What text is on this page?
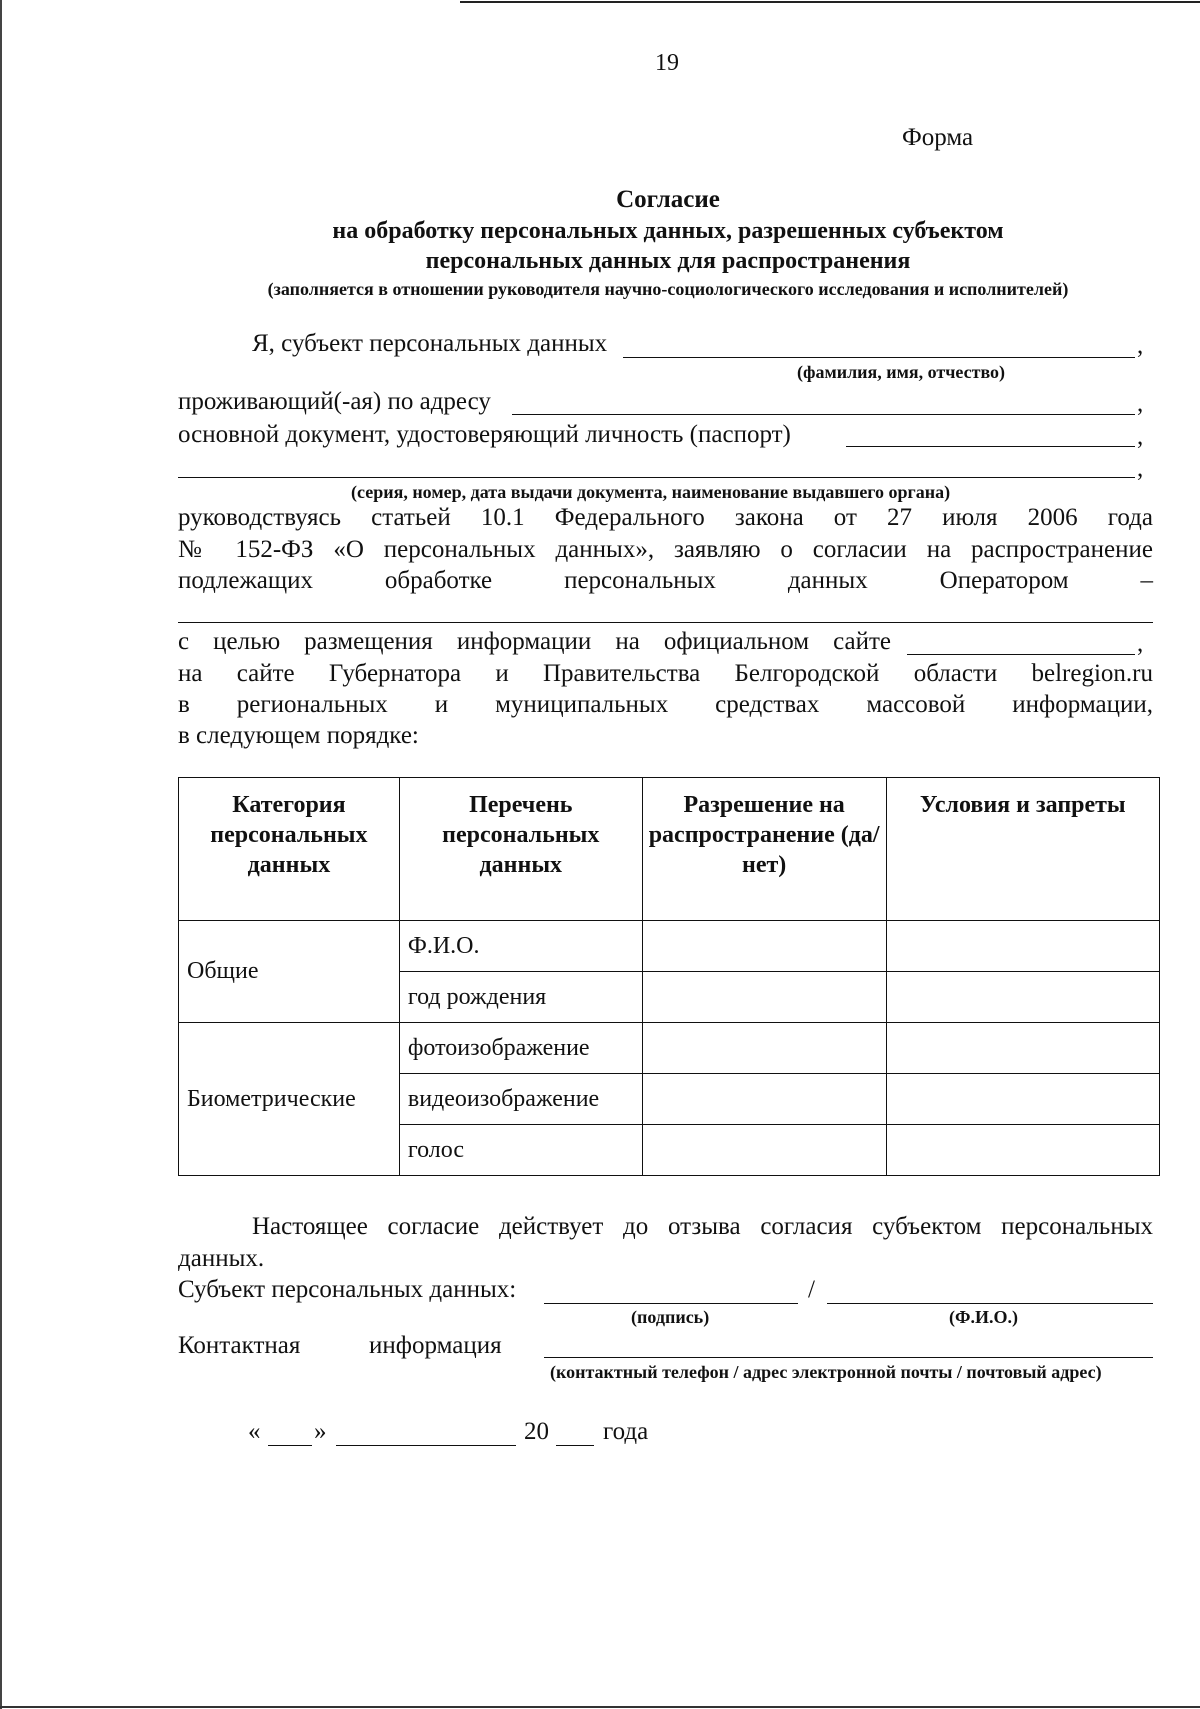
19
Форма
Согласие
на обработку персональных данных, разрешенных субъектом
персональных данных для распространения
(заполняется в отношении руководителя научно-социологического исследования и исполнителей)
Я, субъект персональных данных	,
(фамилия, имя, отчество)
проживающий(-ая) по адресу	,
основной документ, удостоверяющий личность (паспорт)	,
,
(серия, номер, дата выдачи документа, наименование выдавшего органа)
руководствуясь статьей 10.1 Федерального закона от 27 июля 2006 года
№ 152-ФЗ «О персональных данных», заявляю о согласии на распространение
подлежащих обработке персональных данных Оператором –
с целью размещения информации на официальном сайте	,
на сайте Губернатора и Правительства Белгородской области belregion.ru
в региональных и муниципальных средствах массовой информации,
в следующем порядке:
Категория персональных данных	Перечень персональных данных	Разрешение на распространение (да/нет)	Условия и запреты
Общие	Ф.И.О.		
	год рождения		
Биометрические	фотоизображение		
	видеоизображение		
	голос		
Настоящее согласие действует до отзыва согласия субъектом персональных
данных.
Субъект персональных данных:	/
(подпись)	(Ф.И.О.)
Контактная	информация
(контактный телефон / адрес электронной почты / почтовый адрес)
« »	20 года
